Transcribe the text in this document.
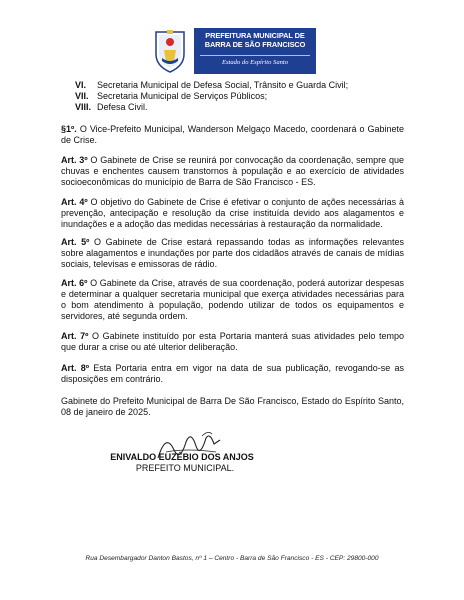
PREFEITURA MUNICIPAL DE
BARRA DE SÃO FRANCISCO
Estado do Espírito Santo
VI. Secretaria Municipal de Defesa Social, Trânsito e Guarda Civil;
VII. Secretaria Municipal de Serviços Públicos;
VIII. Defesa Civil.
§1º. O Vice-Prefeito Municipal, Wanderson Melgaço Macedo, coordenará o Gabinete de Crise.
Art. 3º O Gabinete de Crise se reunirá por convocação da coordenação, sempre que chuvas e enchentes causem transtornos à população e ao exercício de atividades socioeconômicas do município de Barra de São Francisco - ES.
Art. 4º O objetivo do Gabinete de Crise é efetivar o conjunto de ações necessárias à prevenção, antecipação e resolução da crise instituída devido aos alagamentos e inundações e a adoção das medidas necessárias à restauração da normalidade.
Art. 5º O Gabinete de Crise estará repassando todas as informações relevantes sobre alagamentos e inundações por parte dos cidadãos através de canais de mídias sociais, televisas e emissoras de rádio.
Art. 6º O Gabinete da Crise, através de sua coordenação, poderá autorizar despesas e determinar a qualquer secretaria municipal que exerça atividades necessárias para o bom atendimento à população, podendo utilizar de todos os equipamentos e servidores, até segunda ordem.
Art. 7º O Gabinete instituído por esta Portaria manterá suas atividades pelo tempo que durar a crise ou até ulterior deliberação.
Art. 8º Esta Portaria entra em vigor na data de sua publicação, revogando-se as disposições em contrário.
Gabinete do Prefeito Municipal de Barra De São Francisco, Estado do Espírito Santo, 08 de janeiro de 2025.
ENIVALDO EUZÉBIO DOS ANJOS
PREFEITO MUNICIPAL.
Rua Desembargador Danton Bastos, nº 1 – Centro - Barra de São Francisco - ES - CEP: 29800-000
